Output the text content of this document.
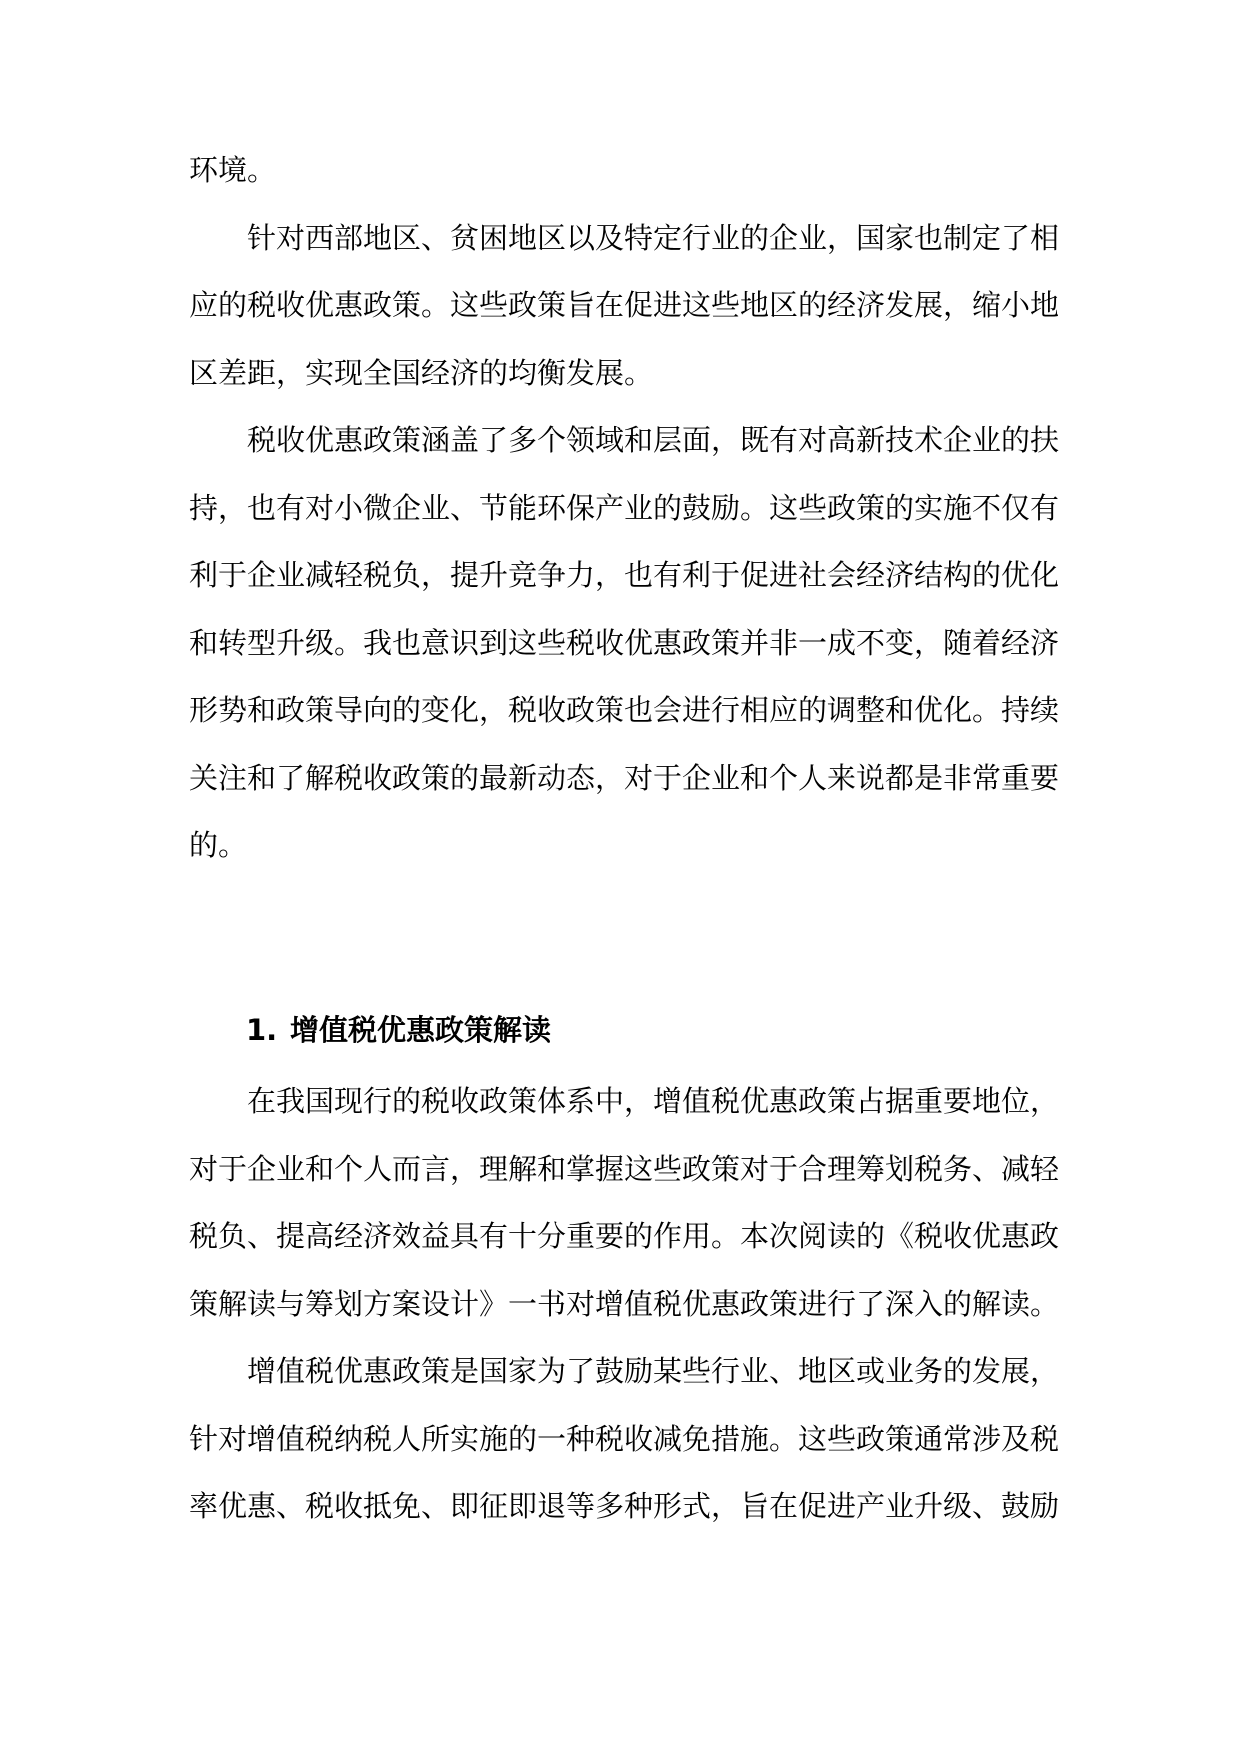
环境。

针对西部地区、贫困地区以及特定行业的企业，国家也制定了相应的税收优惠政策。这些政策旨在促进这些地区的经济发展，缩小地区差距，实现全国经济的均衡发展。

税收优惠政策涵盖了多个领域和层面，既有对高新技术企业的扶持，也有对小微企业、节能环保产业的鼓励。这些政策的实施不仅有利于企业减轻税负，提升竞争力，也有利于促进社会经济结构的优化和转型升级。我也意识到这些税收优惠政策并非一成不变，随着经济形势和政策导向的变化，税收政策也会进行相应的调整和优化。持续关注和了解税收政策的最新动态，对于企业和个人来说都是非常重要的。

1. 增值税优惠政策解读

在我国现行的税收政策体系中，增值税优惠政策占据重要地位，对于企业和个人而言，理解和掌握这些政策对于合理筹划税务、减轻税负、提高经济效益具有十分重要的作用。本次阅读的《税收优惠政策解读与筹划方案设计》一书对增值税优惠政策进行了深入的解读。

增值税优惠政策是国家为了鼓励某些行业、地区或业务的发展，针对增值税纳税人所实施的一种税收减免措施。这些政策通常涉及税率优惠、税收抵免、即征即退等多种形式，旨在促进产业升级、鼓励
